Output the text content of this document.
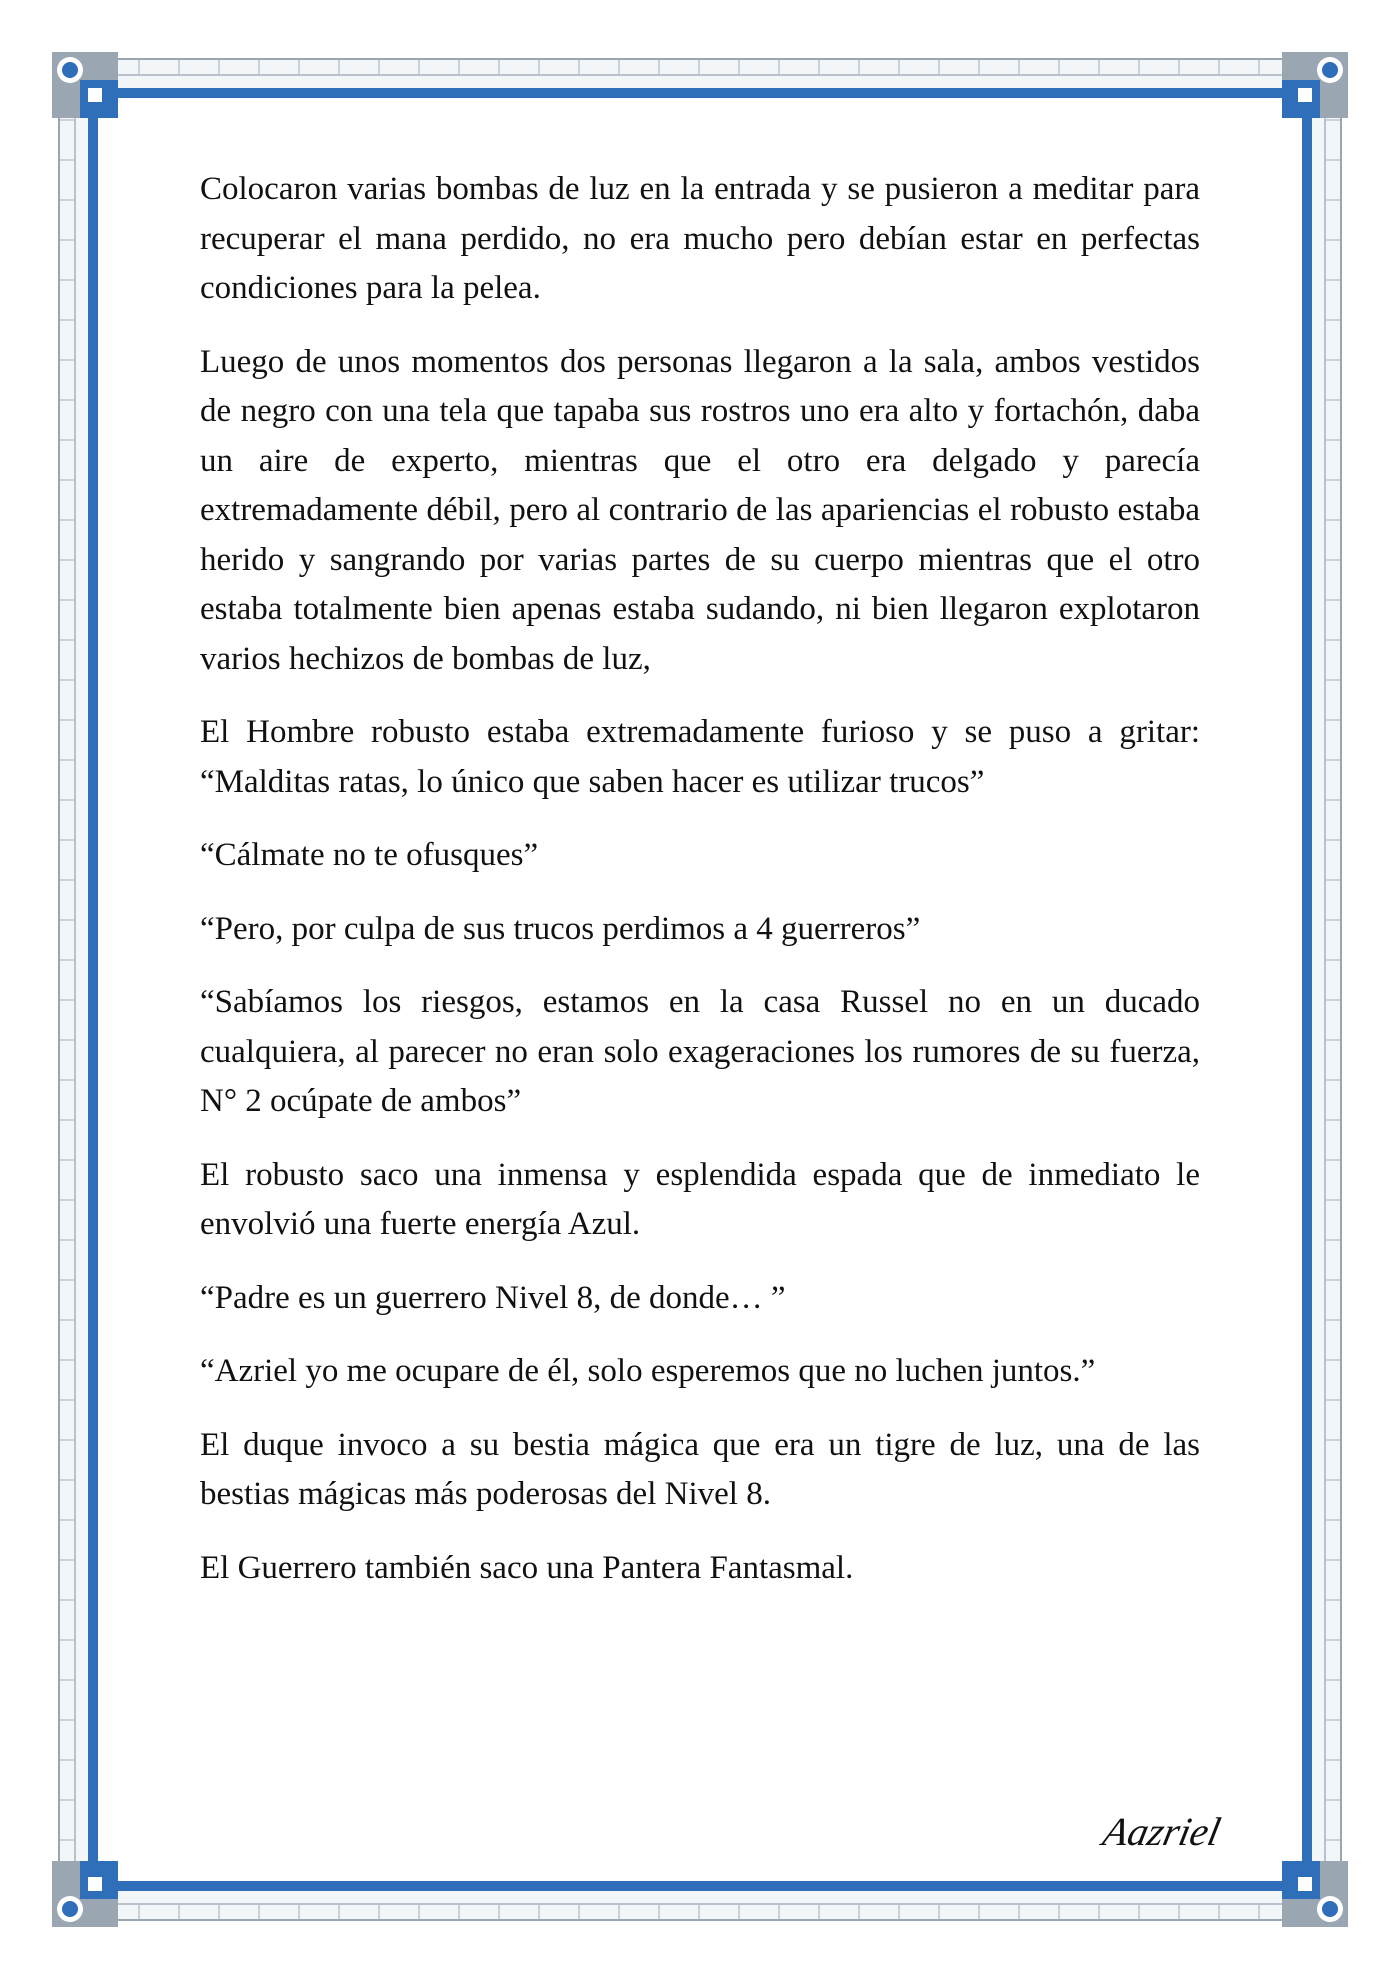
Colocaron varias bombas de luz en la entrada y se pusieron a meditar para recuperar el mana perdido, no era mucho pero debían estar en perfectas condiciones para la pelea.

Luego de unos momentos dos personas llegaron a la sala, ambos vestidos de negro con una tela que tapaba sus rostros uno era alto y fortachón, daba un aire de experto, mientras que el otro era delgado y parecía extremadamente débil, pero al contrario de las apariencias el robusto estaba herido y sangrando por varias partes de su cuerpo mientras que el otro estaba totalmente bien apenas estaba sudando, ni bien llegaron explotaron varios hechizos de bombas de luz,

El Hombre robusto estaba extremadamente furioso y se puso a gritar: “Malditas ratas, lo único que saben hacer es utilizar trucos”

“Cálmate no te ofusques”

“Pero, por culpa de sus trucos perdimos a 4 guerreros”

“Sabíamos los riesgos, estamos en la casa Russel no en un ducado cualquiera, al parecer no eran solo exageraciones los rumores de su fuerza, N° 2 ocúpate de ambos”

El robusto saco una inmensa y esplendida espada que de inmediato le envolvió una fuerte energía Azul.

“Padre es un guerrero Nivel 8, de donde… ”

“Azriel yo me ocupare de él, solo esperemos que no luchen juntos.”

El duque invoco a su bestia mágica que era un tigre de luz, una de las bestias mágicas más poderosas del Nivel 8.

El Guerrero también saco una Pantera Fantasmal.

Aazriel
